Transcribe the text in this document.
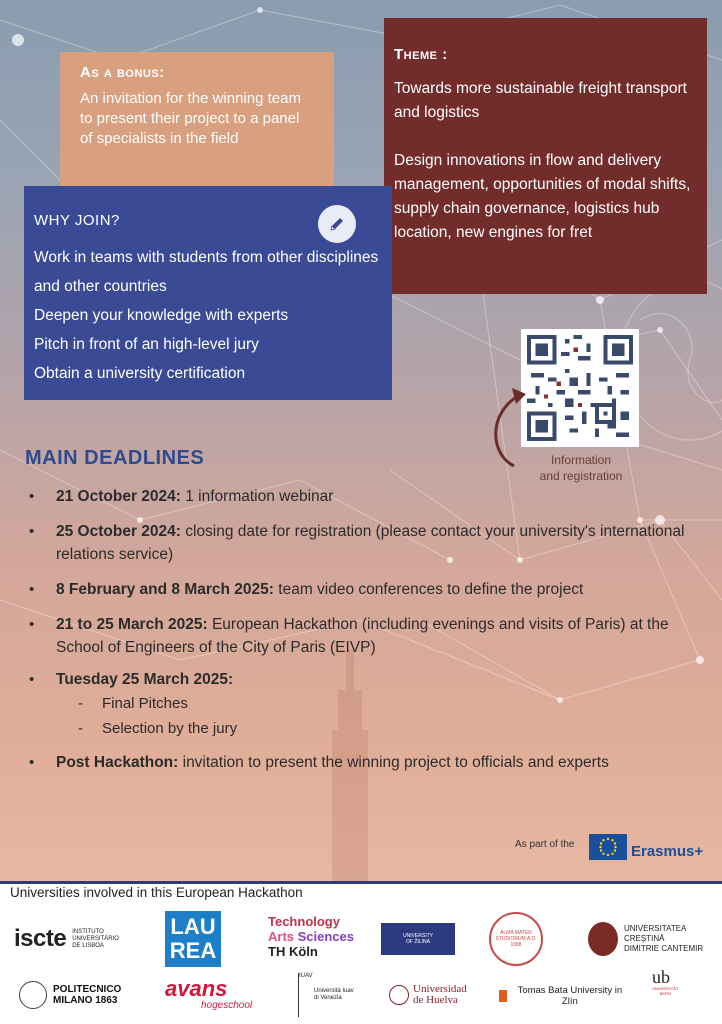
As a bonus:

An invitation for the winning team to present their project to a panel of specialists in the field

Theme :

Towards more sustainable freight transport and logistics

Design innovations in flow and delivery management, opportunities of modal shifts, supply chain governance, logistics hub location, new engines for fret

WHY JOIN?
Work in teams with students from other disciplines and other countries
Deepen your knowledge with experts
Pitch in front of an high-level jury
Obtain a university certification
Information
and registration
MAIN DEADLINES
• 21 October 2024: 1 information webinar
• 25 October 2024: closing date for registration (please contact your university's international relations service)
• 8 February and 8 March 2025: team video conferences to define the project
• 21 to 25 March 2025: European Hackathon (including evenings and visits of Paris) at the School of Engineers of the City of Paris (EIVP)
• Tuesday 25 March 2025:
- Final Pitches
- Selection by the jury
• Post Hackathon: invitation to present the winning project to officials and experts
As part of the	Erasmus+
Universities involved in this European Hackathon
iscte INSTITUTO
UNIVERSITÁRIO
DE LISBOA
LAU
REA
Technology
Arts Sciences
TH Köln
UNIVERSITY
OF ŽILINA
ALMA MATER STUDIORUM A.D. 1088
UNIVERSITATEA CREȘTINĂ
DIMITRIE CANTEMIR
POLITECNICO
MILANO 1863 avans
hogeschool
IUAV
Università Iuav
di Venezia
Universidad
de Huelva
Tomas Bata University in Zlín
ub
UNIVERSITÄT
BERN
